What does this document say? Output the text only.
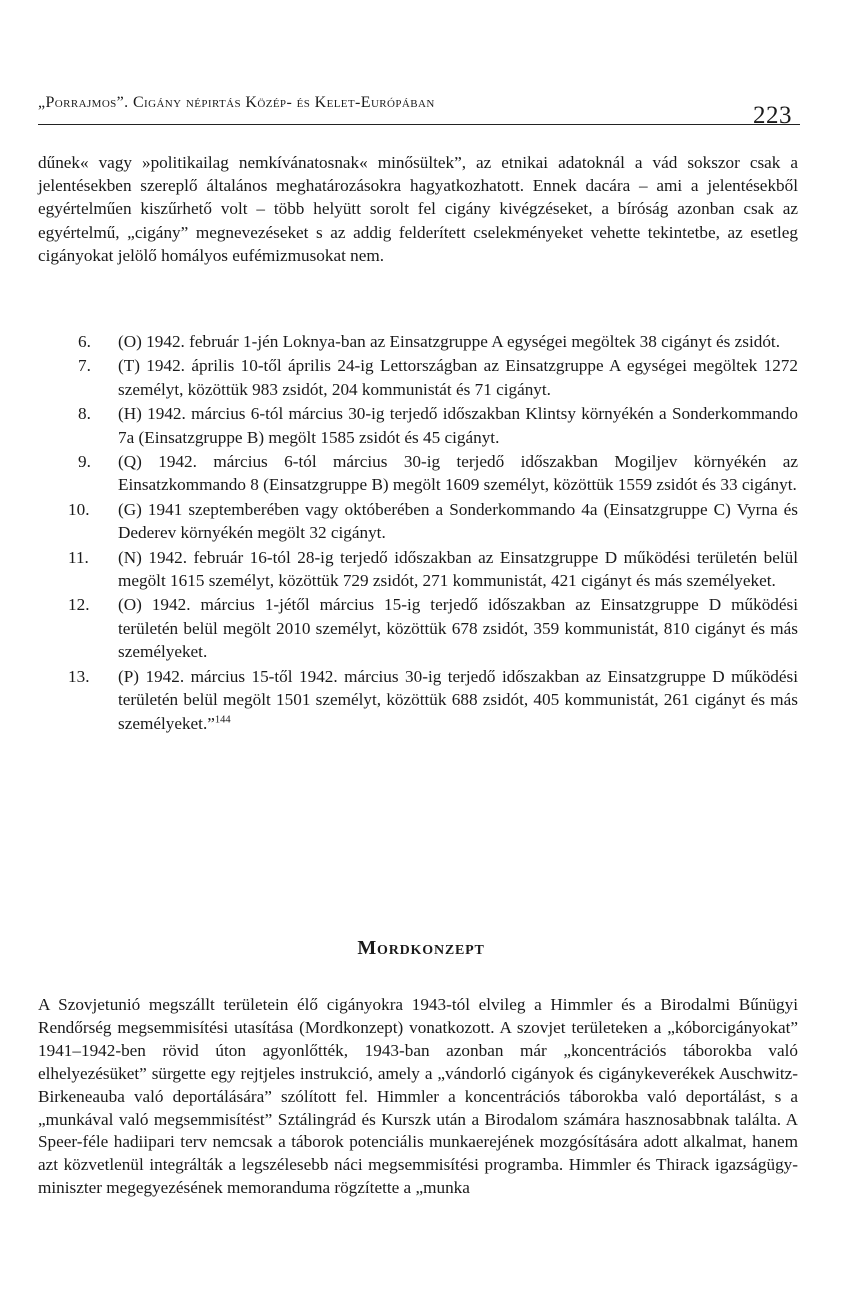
„Porrajmos”. Cigány népirtás Közép- és Kelet-Európában	223

dűnek« vagy »politikailag nemkívánatosnak« minősültek”, az etnikai adatoknál a vád sokszor csak a jelentésekben szereplő általános meghatározásokra hagyatkozhatott. Ennek dacára – ami a jelentésekből egyértelműen kiszűrhető volt – több helyütt sorolt fel cigány kivégzéseket, a bíróság azonban csak az egyértelmű, „cigány” megnevezéseket s az addig felderített cselekményeket vehette tekintetbe, az esetleg cigányokat jelölő homályos eufémizmusokat nem.

6.	(O) 1942. február 1-jén Loknya-ban az Einsatzgruppe A egységei megöltek 38 cigányt és zsidót.
7.	(T) 1942. április 10-től április 24-ig Lettországban az Einsatzgruppe A egységei megöltek 1272 személyt, közöttük 983 zsidót, 204 kommunistát és 71 cigányt.
8.	(H) 1942. március 6-tól március 30-ig terjedő időszakban Klintsy környékén a Sonderkommando 7a (Einsatzgruppe B) megölt 1585 zsidót és 45 cigányt.
9.	(Q) 1942. március 6-tól március 30-ig terjedő időszakban Mogiljev környékén az Einsatzkommando 8 (Einsatzgruppe B) megölt 1609 személyt, közöttük 1559 zsidót és 33 cigányt.
10.	(G) 1941 szeptemberében vagy októberében a Sonderkommando 4a (Einsatzgruppe C) Vyrna és Dederev környékén megölt 32 cigányt.
11.	(N) 1942. február 16-tól 28-ig terjedő időszakban az Einsatzgruppe D működési területén belül megölt 1615 személyt, közöttük 729 zsidót, 271 kommunistát, 421 cigányt és más személyeket.
12.	(O) 1942. március 1-jétől március 15-ig terjedő időszakban az Einsatzgruppe D működési területén belül megölt 2010 személyt, közöttük 678 zsidót, 359 kommunistát, 810 cigányt és más személyeket.
13.	(P) 1942. március 15-től 1942. március 30-ig terjedő időszakban az Einsatzgruppe D működési területén belül megölt 1501 személyt, közöttük 688 zsidót, 405 kommunistát, 261 cigányt és más személyeket.”$^{144}$
Mordkonzept

A Szovjetunió megszállt területein élő cigányokra 1943-tól elvileg a Himmler és a Birodalmi Bűnügyi Rendőrség megsemmisítési utasítása (Mordkonzept) vonatkozott. A szovjet területeken a „kóborcigányokat” 1941–1942-ben rövid úton agyonlőtték, 1943-ban azonban már „koncentrációs táborokba való elhelyezésüket” sürgette egy rejtjeles instrukció, amely a „vándorló cigányok és cigánykeverékek Auschwitz-Birkeneauba való deportálására” szólított fel. Himmler a koncentrációs táborokba való deportálást, s a „munkával való megsemmisítést” Sztálingrád és Kurszk után a Birodalom számára hasznosabbnak találta. A Speer-féle hadiipari terv nemcsak a táborok potenciális munkaerejének mozgósítására adott alkalmat, hanem azt közvetlenül integrálták a legszélesebb náci megsemmisítési programba. Himmler és Thirack igazságügy-miniszter megegyezésének memoranduma rögzítette a „munka
